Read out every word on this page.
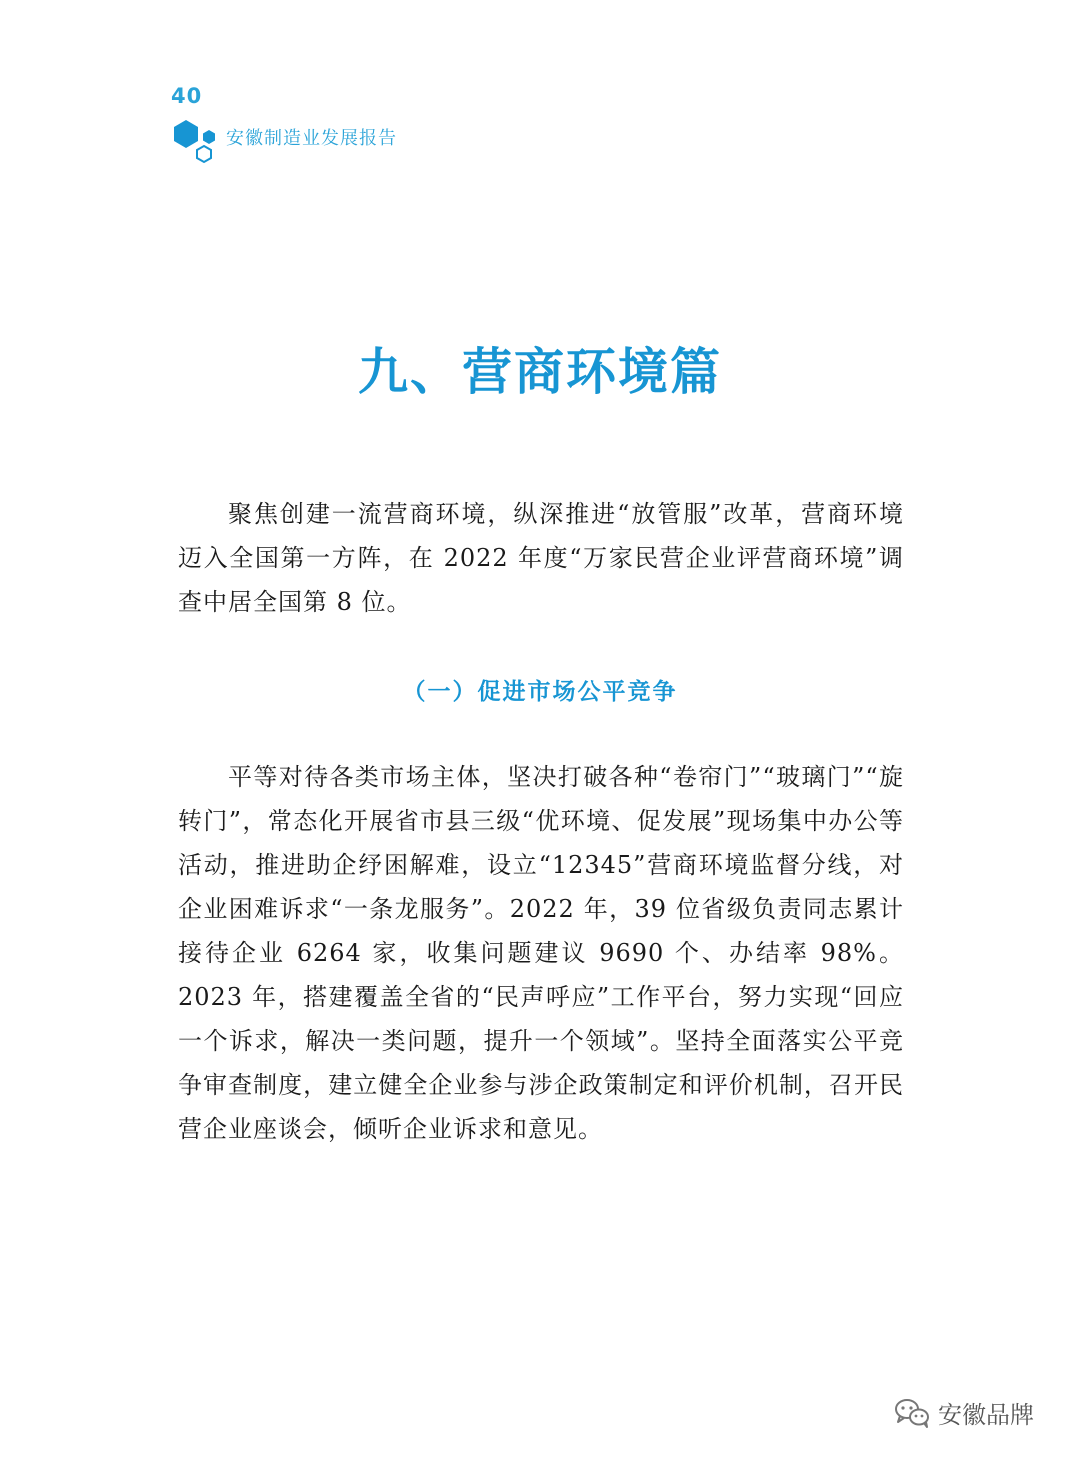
40
安徽制造业发展报告
九、营商环境篇

聚焦创建一流营商环境，纵深推进“放管服”改革，营商环境迈入全国第一方阵，在 2022 年度“万家民营企业评营商环境”调查中居全国第 8 位。

（一）促进市场公平竞争

平等对待各类市场主体，坚决打破各种“卷帘门”“玻璃门”“旋转门”，常态化开展省市县三级“优环境、促发展”现场集中办公等活动，推进助企纾困解难，设立“12345”营商环境监督分线，对企业困难诉求“一条龙服务”。2022 年，39 位省级负责同志累计接待企业 6264 家，收集问题建议 9690 个、办结率 98%。2023 年，搭建覆盖全省的“民声呼应”工作平台，努力实现“回应一个诉求，解决一类问题，提升一个领域”。坚持全面落实公平竞争审查制度，建立健全企业参与涉企政策制定和评价机制，召开民营企业座谈会，倾听企业诉求和意见。

安徽品牌
